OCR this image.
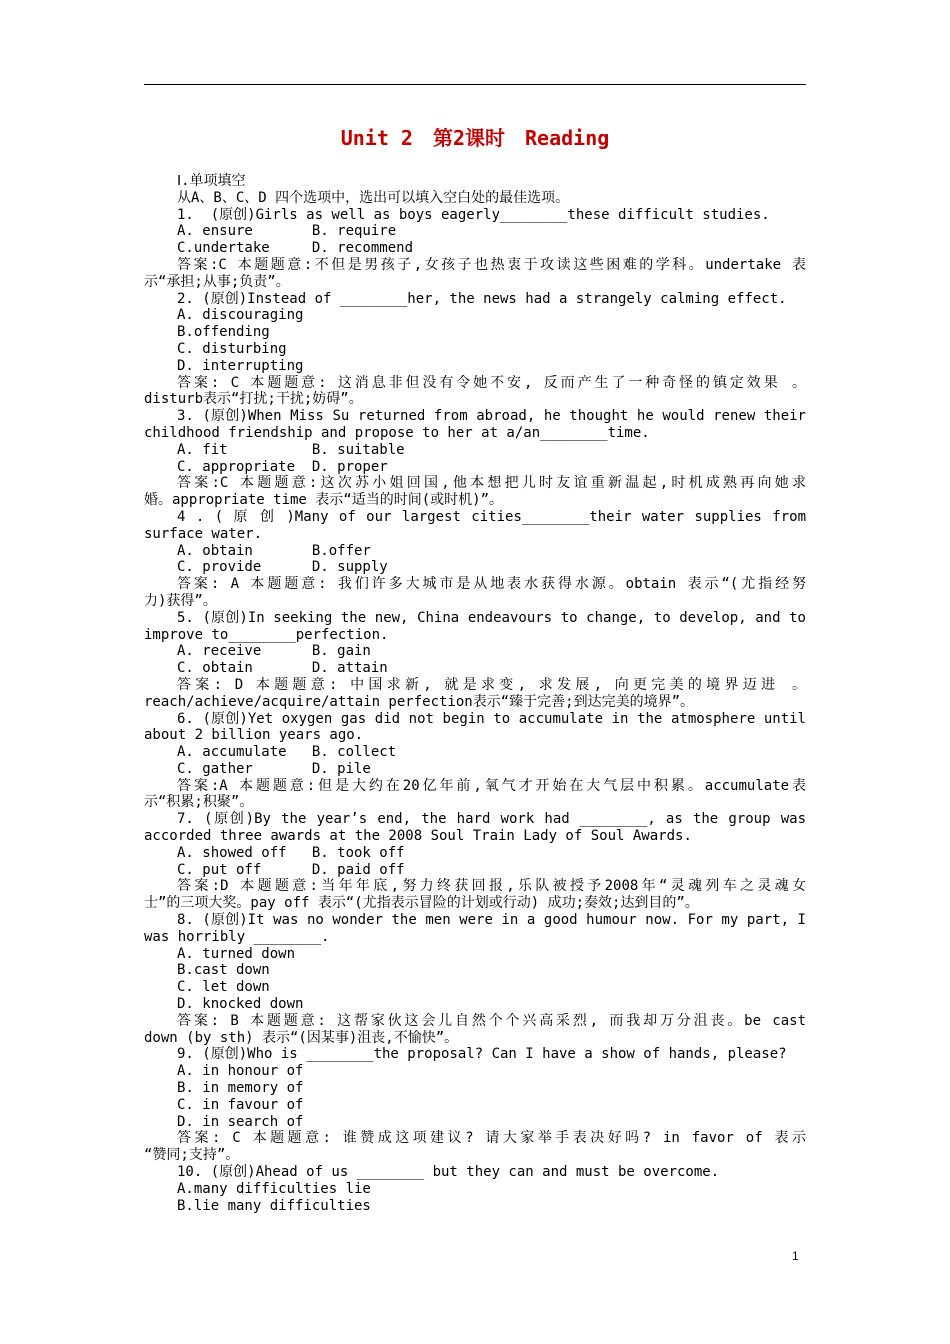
Unit 2　第2课时　Reading
Ⅰ.单项填空
从A、B、C、D 四个选项中，选出可以填入空白处的最佳选项。
1.  (原创)Girls as well as boys eagerly________these difficult studies.
A. ensure       B. require
C.undertake     D. recommend
答案:C 本题题意:不但是男孩子,女孩子也热衷于攻读这些困难的学科。undertake 表
示“承担;从事;负责”。
2. (原创)Instead of ________her, the news had a strangely calming effect.
A. discouraging
B.offending
C. disturbing
D. interrupting
答案: C 本题题意: 这消息非但没有令她不安, 反而产生了一种奇怪的镇定效果 。
disturb表示“打扰;干扰;妨碍”。
3. (原创)When Miss Su returned from abroad, he thought he would renew their
childhood friendship and propose to her at a/an________time.
A. fit          B. suitable
C. appropriate  D. proper
答案:C 本题题意:这次苏小姐回国,他本想把儿时友谊重新温起,时机成熟再向她求
婚。appropriate time 表示“适当的时间(或时机)”。
4 . ( 原 创 )Many of our largest cities________their water supplies from
surface water.
A. obtain       B.offer
C. provide      D. supply
答案: A 本题题意: 我们许多大城市是从地表水获得水源。obtain 表示“(尤指经努
力)获得”。
5. (原创)In seeking the new, China endeavours to change, to develop, and to
improve to________perfection.
A. receive      B. gain
C. obtain       D. attain
答案: D 本题题意: 中国求新, 就是求变, 求发展, 向更完美的境界迈进 。
reach/achieve/acquire/attain perfection表示“臻于完善;到达完美的境界”。
6. (原创)Yet oxygen gas did not begin to accumulate in the atmosphere until
about 2 billion years ago.
A. accumulate   B. collect
C. gather       D. pile
答案:A 本题题意:但是大约在20亿年前,氧气才开始在大气层中积累。accumulate表
示“积累;积聚”。
7. (原创)By the year’s end, the hard work had ________, as the group was
accorded three awards at the 2008 Soul Train Lady of Soul Awards.
A. showed off   B. took off
C. put off      D. paid off
答案:D 本题题意:当年年底,努力终获回报,乐队被授予2008年“灵魂列车之灵魂女
士”的三项大奖。pay off 表示“(尤指表示冒险的计划或行动) 成功;奏效;达到目的”。
8. (原创)It was no wonder the men were in a good humour now. For my part, I
was horribly ________.
A. turned down
B.cast down
C. let down
D. knocked down
答案: B 本题题意: 这帮家伙这会儿自然个个兴高采烈, 而我却万分沮丧。be cast
down (by sth) 表示“(因某事)沮丧,不愉快”。
9. (原创)Who is ________the proposal? Can I have a show of hands, please?
A. in honour of
B. in memory of
C. in favour of
D. in search of
答案: C 本题题意: 谁赞成这项建议? 请大家举手表决好吗? in favor of 表示
“赞同;支持”。
10. (原创)Ahead of us ________ but they can and must be overcome.
A.many difficulties lie
B.lie many difficulties
1
